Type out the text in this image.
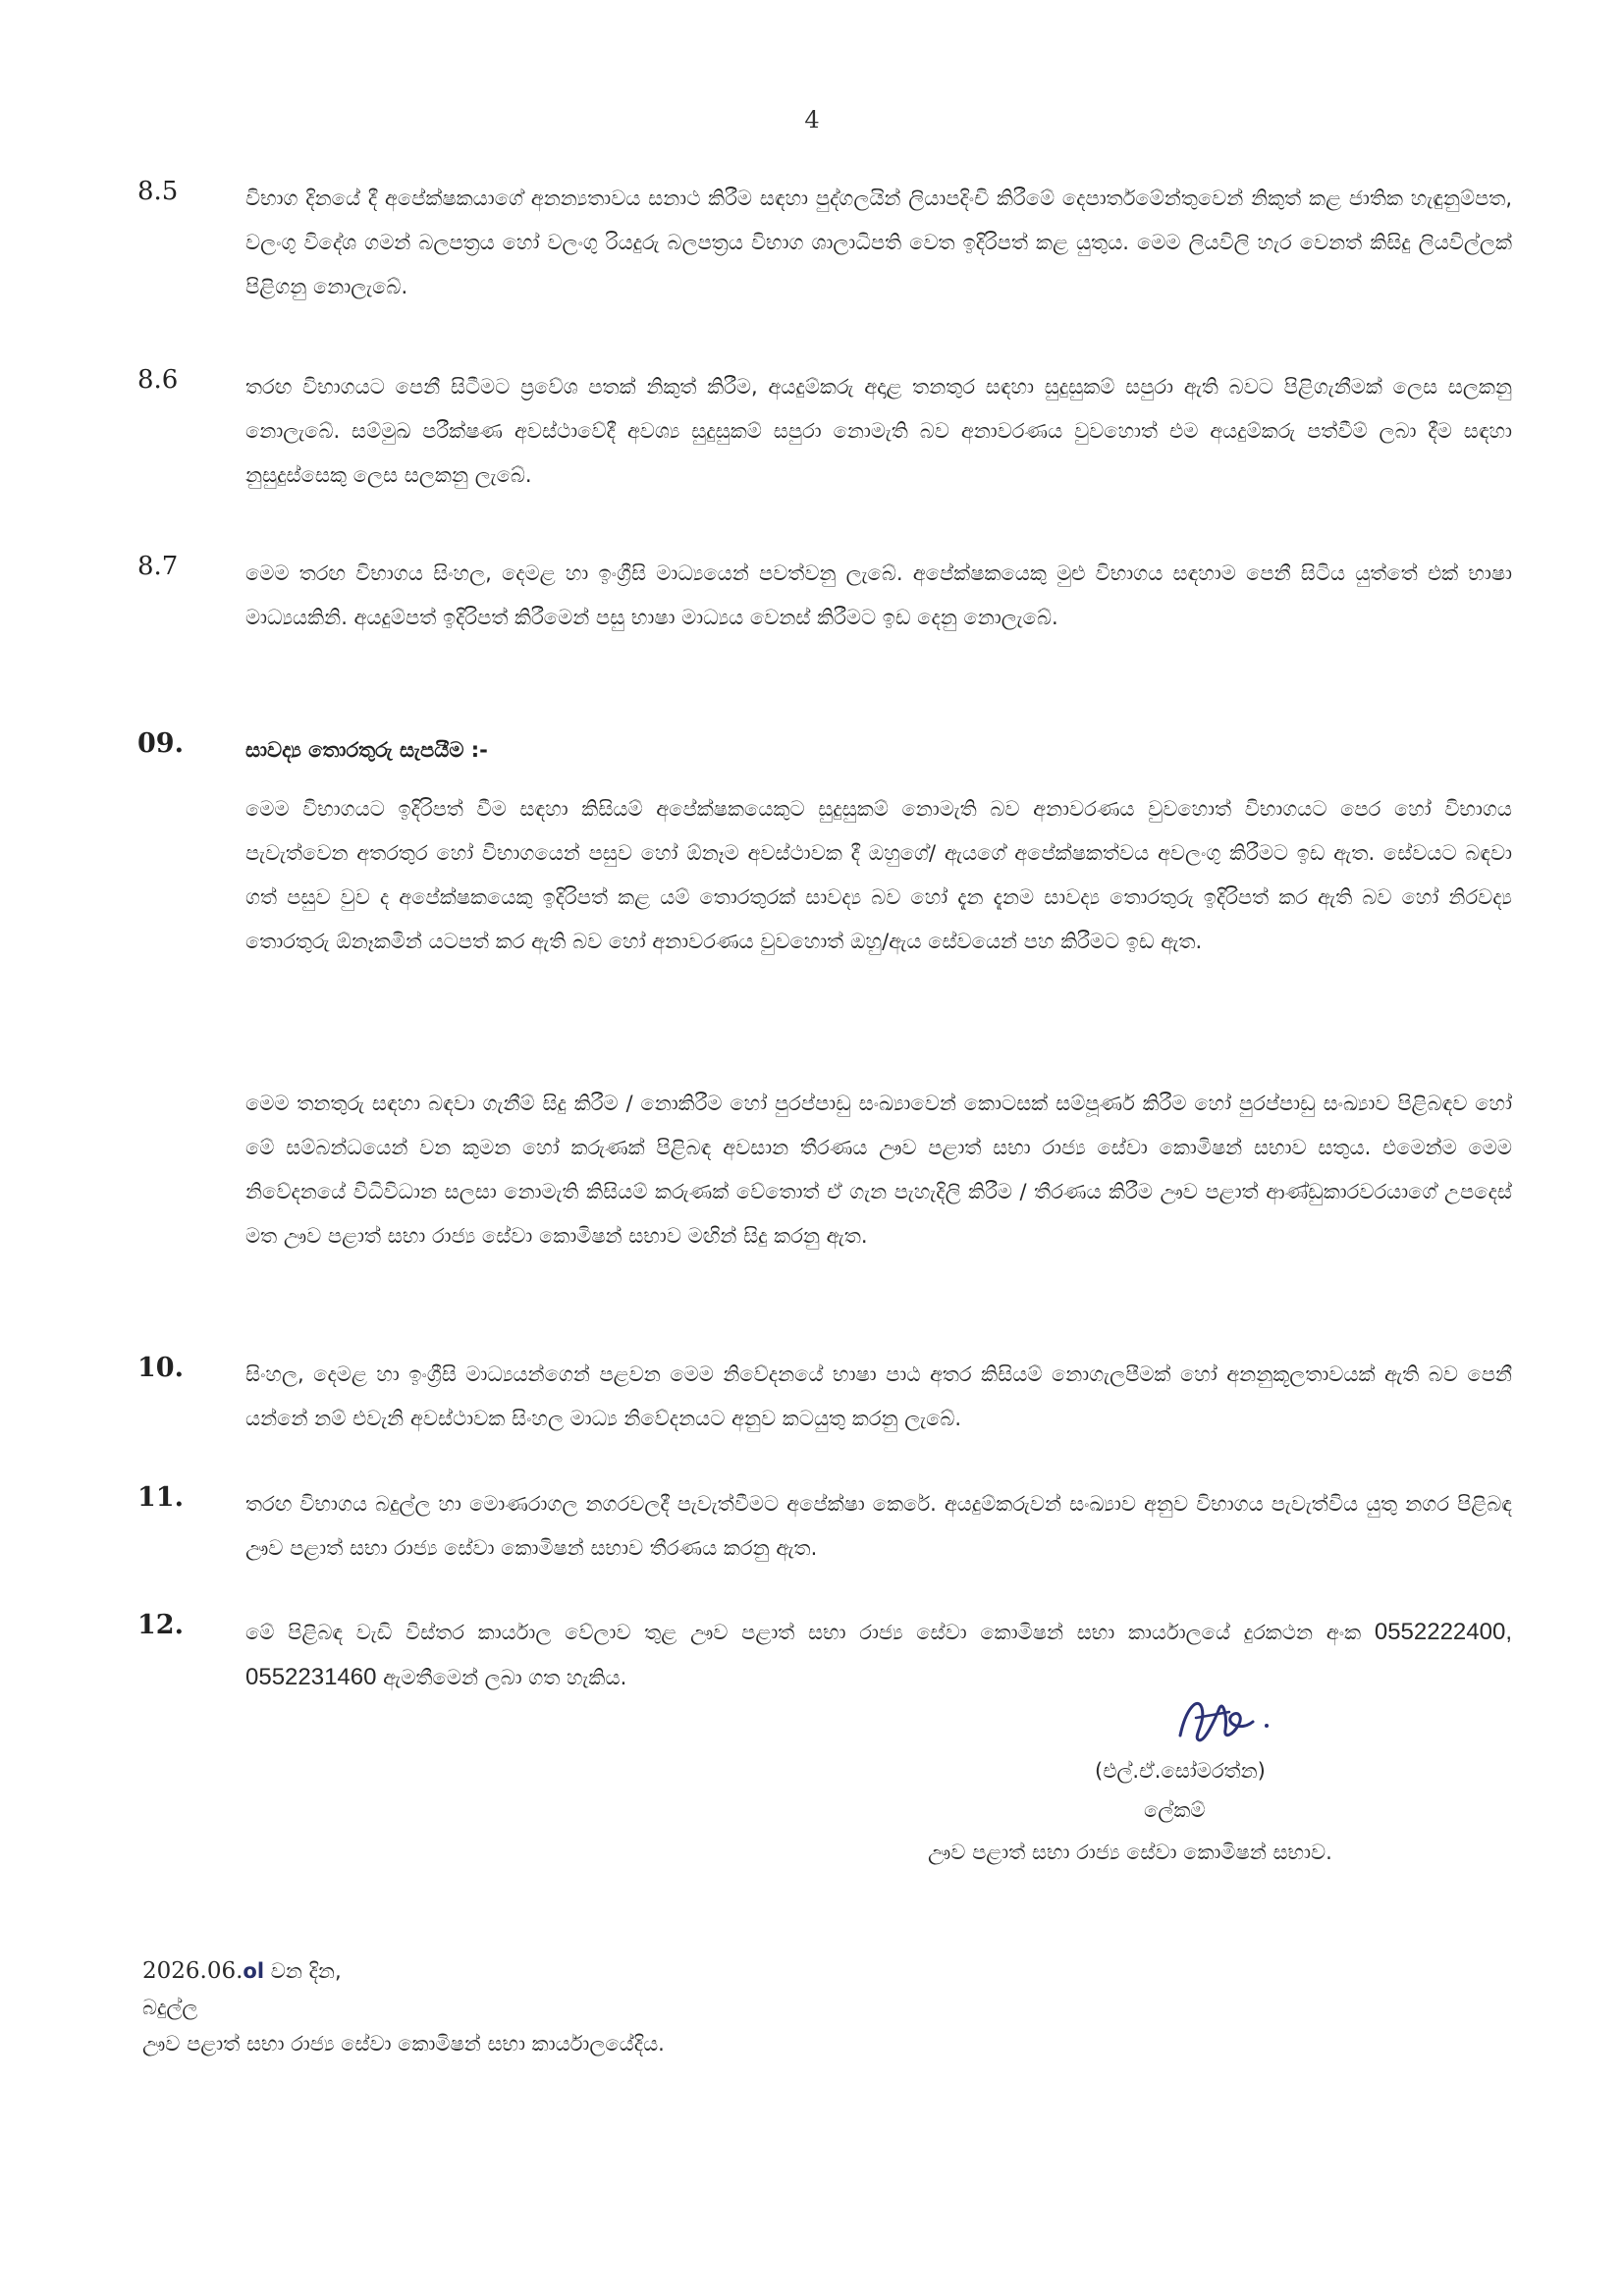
4
8.5	විභාග දිනයේ දී අපේක්ෂකයාගේ අනන්‍යතාවය සනාථ කිරීම සඳහා පුද්ගලයින් ලියාපදිංචි කිරීමේ දෙපාර්තමේන්තුවෙන් නිකුත් කළ ජාතික හැඳුනුම්පත, වලංගු විදේශ ගමන් බලපත්‍රය හෝ වලංගු රියදුරු බලපත්‍රය විභාග ශාලාධිපති වෙත ඉදිරිපත් කළ යුතුය. මෙම ලියවිලි හැර වෙනත් කිසිදු ලියවිල්ලක් පිළිගනු නොලැබේ.
8.6	තරඟ විභාගයට පෙනී සිටීමට ප්‍රවේශ පතක් නිකුත් කිරීම, අයදුම්කරු අදාළ තනතුර සඳහා සුදුසුකම් සපුරා ඇති බවට පිළිගැනීමක් ලෙස සලකනු නොලැබේ. සම්මුඛ පරීක්ෂණ අවස්ථාවේදී අවශ්‍ය සුදුසුකම් සපුරා නොමැති බව අනාවරණය වුවහොත් එම අයදුම්කරු පත්වීම් ලබා දීම සඳහා නුසුදුස්සෙකු ලෙස සලකනු ලැබේ.
8.7	මෙම තරඟ විභාගය සිංහල, දෙමළ හා ඉංග්‍රීසි මාධ්‍යයෙන් පවත්වනු ලැබේ. අපේක්ෂකයෙකු මුළු විභාගය සඳහාම පෙනී සිටිය යුත්තේ එක් භාෂා මාධ්‍යයකිනි. අයදුම්පත් ඉදිරිපත් කිරීමෙන් පසු භාෂා මාධ්‍යය වෙනස් කිරීමට ඉඩ දෙනු නොලැබේ.
09.	සාවද්‍ය තොරතුරු සැපයීම :-
මෙම විභාගයට ඉදිරිපත් වීම සඳහා කිසියම් අපේක්ෂකයෙකුට සුදුසුකම් නොමැති බව අනාවරණය වුවහොත් විභාගයට පෙර හෝ විභාගය පැවැත්වෙන අතරතුර හෝ විභාගයෙන් පසුව හෝ ඕනෑම අවස්ථාවක දී ඔහුගේ/ ඇයගේ අපේක්ෂකත්වය අවලංගු කිරීමට ඉඩ ඇත. සේවයට බඳවා ගත් පසුව වුව ද අපේක්ෂකයෙකු ඉදිරිපත් කළ යම් තොරතුරක් සාවද්‍ය බව හෝ දැන දැනම සාවද්‍ය තොරතුරු ඉදිරිපත් කර ඇති බව හෝ නිරවද්‍ය තොරතුරු ඕනෑකමින් යටපත් කර ඇති බව හෝ අනාවරණය වුවහොත් ඔහු/ඇය සේවයෙන් පහ කිරීමට ඉඩ ඇත.
මෙම තනතුරු සඳහා බඳවා ගැනීම් සිදු කිරීම / නොකිරීම හෝ පුරප්පාඩු සංඛ්‍යාවෙන් කොටසක් සම්පූර්ණ කිරීම හෝ පුරප්පාඩු සංඛ්‍යාව පිළිබඳව හෝ මේ සම්බන්ධයෙන් වන කුමන හෝ කරුණක් පිළිබඳ අවසාන තීරණය ඌව පළාත් සභා රාජ්‍ය සේවා කොමිෂන් සභාව සතුය. එමෙන්ම මෙම නිවේදනයේ විධිවිධාන සලසා නොමැති කිසියම් කරුණක් වේතොත් ඒ ගැන පැහැදිලි කිරීම / තීරණය කිරීම ඌව පළාත් ආණ්ඩුකාරවරයාගේ උපදෙස් මත ඌව පළාත් සභා රාජ්‍ය සේවා කොමිෂන් සභාව මඟින් සිදු කරනු ඇත.
10.	සිංහල, දෙමළ හා ඉංග්‍රීසි මාධ්‍යයන්ගෙන් පළවන මෙම නිවේදනයේ භාෂා පාඨ අතර කිසියම් නොගැලපීමක් හෝ අනනුකූලතාවයක් ඇති බව පෙනී යන්නේ නම් එවැනි අවස්ථාවක සිංහල මාධ්‍ය නිවේදනයට අනුව කටයුතු කරනු ලැබේ.
11.	තරඟ විභාගය බදුල්ල හා මොණරාගල නගරවලදී පැවැත්වීමට අපේක්ෂා කෙරේ. අයදුම්කරුවන් සංඛ්‍යාව අනුව විභාගය පැවැත්විය යුතු නගර පිළිබඳ ඌව පළාත් සභා රාජ්‍ය සේවා කොමිෂන් සභාව තීරණය කරනු ඇත.
12.	මේ පිළිබඳ වැඩි විස්තර කාර්යාල වේලාව තුළ ඌව පළාත් සභා රාජ්‍ය සේවා කොමිෂන් සභා කාර්යාලයේ දුරකථන අංක 0552222400, 0552231460 ඇමතීමෙන් ලබා ගත හැකිය.
(එල්.ඒ.සෝමරත්න)
ලේකම්
ඌව පළාත් සභා රාජ්‍ය සේවා කොමිෂන් සභාව.
2026.06.ol වන දින,
බදුල්ල
ඌව පළාත් සභා රාජ්‍ය සේවා කොමිෂන් සභා කාර්යාලයේදිය.
